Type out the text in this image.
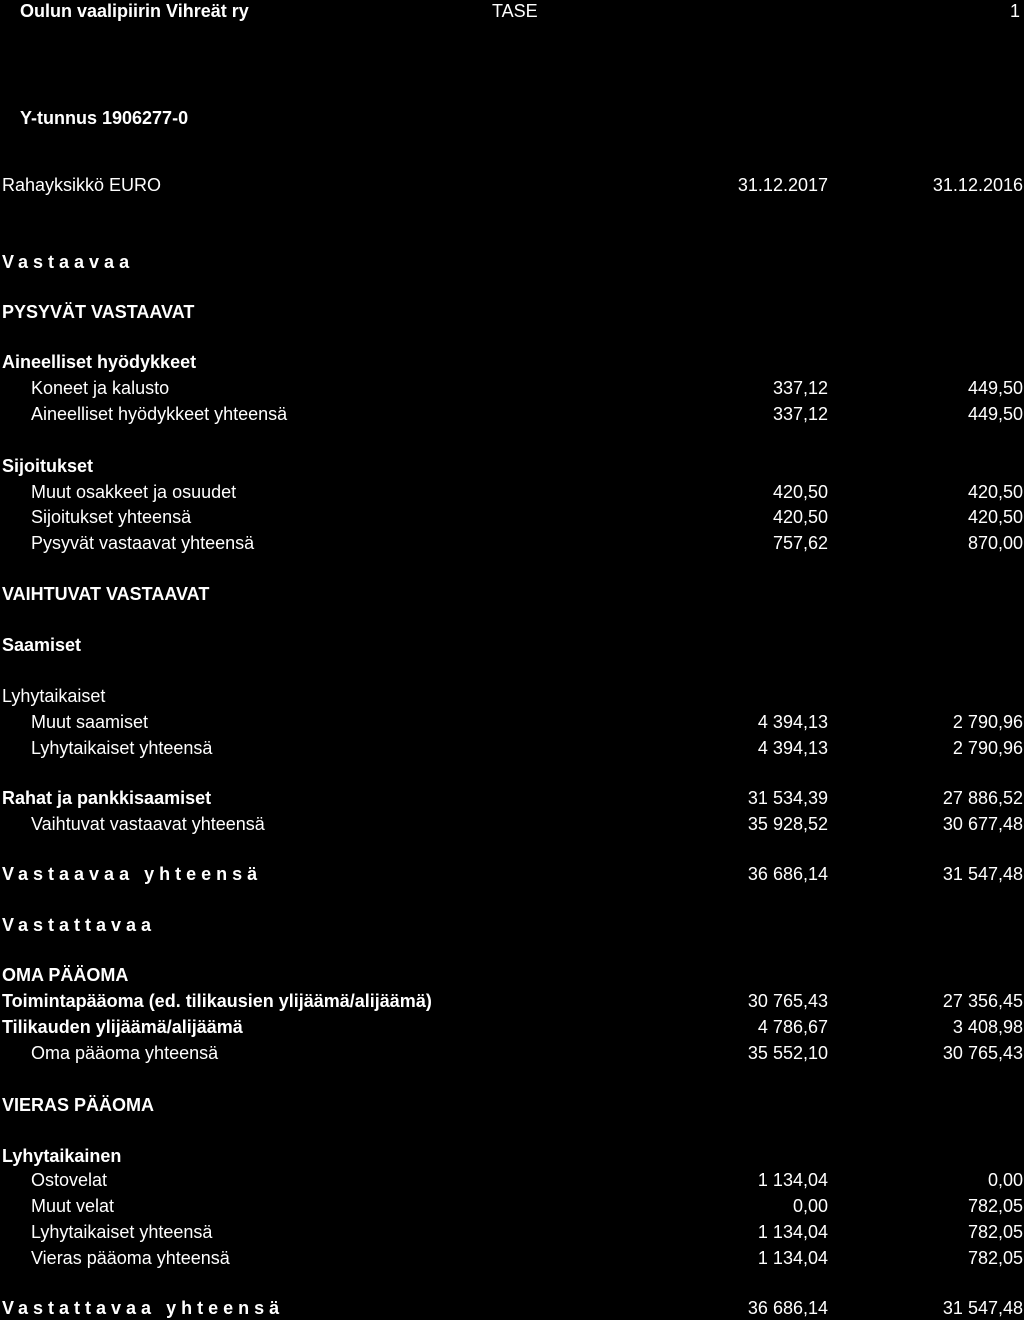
Oulun vaalipiirin Vihreät ry	TASE	1
Y-tunnus 1906277-0
Rahayksikkö EURO	31.12.2017	31.12.2016
Vastaavaa
PYSYVÄT VASTAAVAT
Aineelliset hyödykkeet
Koneet ja kalusto	337,12	449,50
Aineelliset hyödykkeet yhteensä	337,12	449,50
Sijoitukset
Muut osakkeet ja osuudet	420,50	420,50
Sijoitukset yhteensä	420,50	420,50
Pysyvät vastaavat yhteensä	757,62	870,00
VAIHTUVAT VASTAAVAT
Saamiset
Lyhytaikaiset
Muut saamiset	4 394,13	2 790,96
Lyhytaikaiset yhteensä	4 394,13	2 790,96
Rahat ja pankkisaamiset	31 534,39	27 886,52
Vaihtuvat vastaavat yhteensä	35 928,52	30 677,48
Vastaavaa yhteensä	36 686,14	31 547,48
Vastattavaa
OMA PÄÄOMA
Toimintapääoma (ed. tilikausien ylijäämä/alijäämä)	30 765,43	27 356,45
Tilikauden ylijäämä/alijäämä	4 786,67	3 408,98
Oma pääoma yhteensä	35 552,10	30 765,43
VIERAS PÄÄOMA
Lyhytaikainen
Ostovelat	1 134,04	0,00
Muut velat	0,00	782,05
Lyhytaikaiset yhteensä	1 134,04	782,05
Vieras pääoma yhteensä	1 134,04	782,05
Vastattavaa yhteensä	36 686,14	31 547,48
